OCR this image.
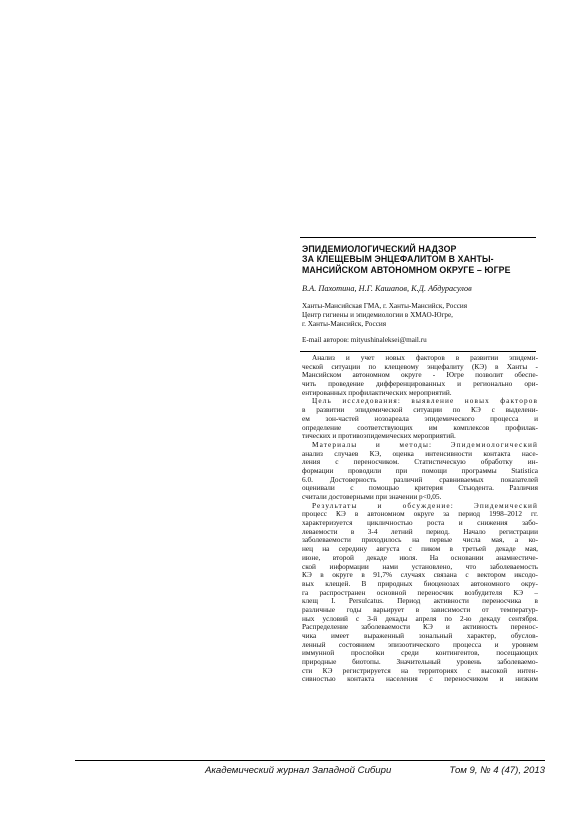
ЭПИДЕМИОЛОГИЧЕСКИЙ НАДЗОР
ЗА КЛЕЩЕВЫМ ЭНЦЕФАЛИТОМ В ХАНТЫ-
МАНСИЙСКОМ АВТОНОМНОМ ОКРУГЕ – ЮГРЕ
В.А. Пахотина, Н.Г. Кашапов, К.Д. Абдурасулов
Ханты-Мансийская ГМА, г. Ханты-Мансийск, Россия
Центр гигиены и эпидемиологии в ХМАО-Югре,
г. Ханты-Мансийск, Россия
E-mail авторов: mityushinaleksei@mail.ru
Анализ и учет новых факторов в развитии эпидеми-
ческой ситуации по клещевому энцефалиту (КЭ) в Ханты -
Мансийском автономном округе - Югре позволит обеспе-
чить проведение дифференцированных и регионально ори-
ентированных профилактических мероприятий.
Цель исследования: выявление новых факторов
в развитии эпидемической ситуации по КЭ с выделени-
ем зон-частей нозоареала эпидемического процесса и
определение соответствующих им комплексов профилак-
тических и противоэпидемических мероприятий.
Материалы и методы: Эпидемиологический
анализ случаев КЭ, оценка интенсивности контакта насе-
ления с переносчиком. Статистическую обработку ин-
формации проводили при помощи программы Statistica
6.0. Достоверность различий сравниваемых показателей
оценивали с помощью критерия Стьюдента. Различия
считали достоверными при значении p<0,05.
Результаты и обсуждение: Эпидемический
процесс КЭ в автономном округе за период 1998–2012 гг.
характеризуется цикличностью роста и снижения забо-
леваемости в 3-4 летний период. Начало регистрации
заболеваемости приходилось на первые числа мая, а ко-
нец на середину августа с пиком в третьей декаде мая,
июне, второй декаде июля. На основании анамнестиче-
ской информации нами установлено, что заболеваемость
КЭ в округе в 91,7% случаях связана с вектором иксодо-
вых клещей. В природных биоценозах автономного окру-
га распространен основной переносчик возбудителя КЭ –
клещ I. Persulcatus. Период активности переносчика в
различные годы варьирует в зависимости от температур-
ных условий с 3-й декады апреля по 2-ю декаду сентября.
Распределение заболеваемости КЭ и активность перенос-
чика имеет выраженный зональный характер, обуслов-
ленный состоянием эпизоотического процесса и уровнем
иммунной прослойки среди контингентов, посещающих
природные биотопы. Значительный уровень заболеваемо-
сти КЭ регистрируется на территориях с высокой интен-
сивностью контакта населения с переносчиком и низким
Академический журнал Западной Сибири	Том 9, № 4 (47), 2013
